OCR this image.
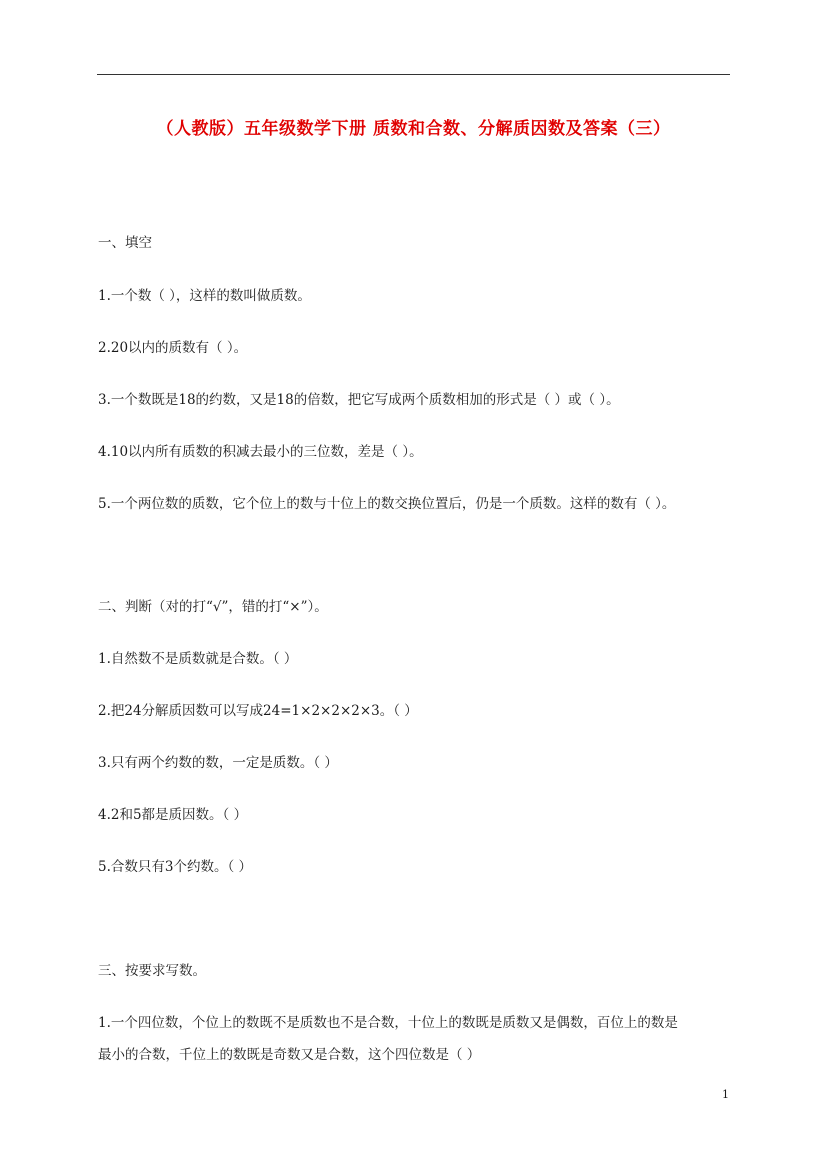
（人教版）五年级数学下册 质数和合数、分解质因数及答案（三）
一、填空
1.一个数（ ），这样的数叫做质数。
2.20以内的质数有（ ）。
3.一个数既是18的约数，又是18的倍数，把它写成两个质数相加的形式是（ ）或（ ）。
4.10以内所有质数的积减去最小的三位数，差是（ ）。
5.一个两位数的质数，它个位上的数与十位上的数交换位置后，仍是一个质数。这样的数有（ ）。
二、判断（对的打“√”，错的打“×”）。
1.自然数不是质数就是合数。（ ）
2.把24分解质因数可以写成24=1×2×2×2×3。（ ）
3.只有两个约数的数，一定是质数。（ ）
4.2和5都是质因数。（ ）
5.合数只有3个约数。（ ）
三、按要求写数。
1.一个四位数，个位上的数既不是质数也不是合数，十位上的数既是质数又是偶数，百位上的数是
最小的合数，千位上的数既是奇数又是合数，这个四位数是（ ）
1
